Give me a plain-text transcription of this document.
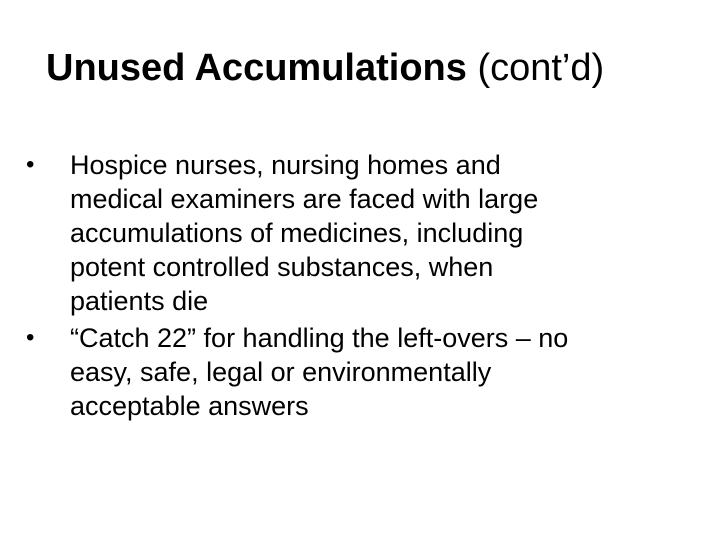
Unused Accumulations (cont’d)
• Hospice nurses, nursing homes and
medical examiners are faced with large
accumulations of medicines, including
potent controlled substances, when
patients die
• “Catch 22” for handling the left-overs – no
easy, safe, legal or environmentally
acceptable answers
